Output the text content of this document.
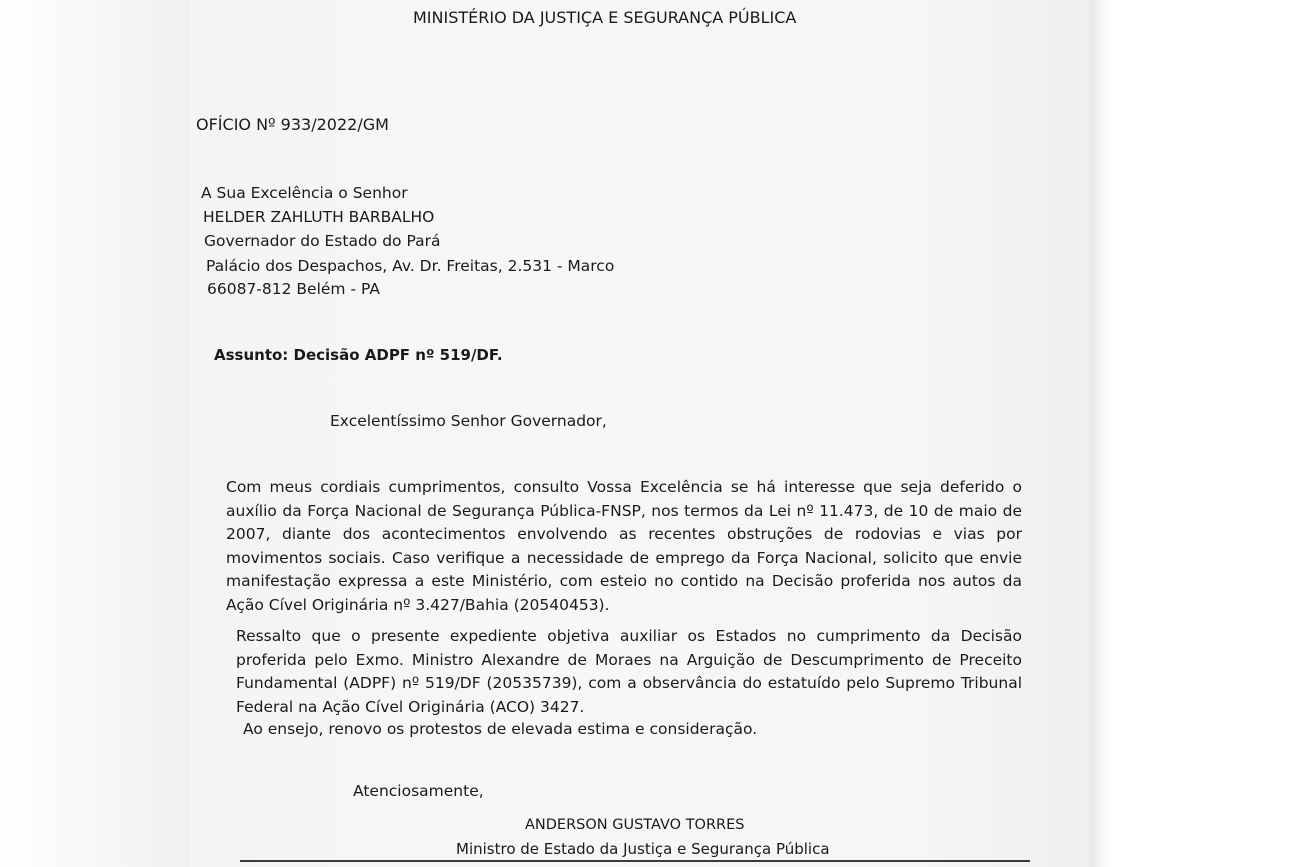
MINISTÉRIO DA JUSTIÇA E SEGURANÇA PÚBLICA
OFÍCIO Nº 933/2022/GM
A Sua Excelência o Senhor
HELDER ZAHLUTH BARBALHO
Governador do Estado do Pará
Palácio dos Despachos, Av. Dr. Freitas, 2.531 - Marco
66087-812 Belém - PA
Assunto: Decisão ADPF nº 519/DF.
Excelentíssimo Senhor Governador,
Com meus cordiais cumprimentos, consulto Vossa Excelência se há interesse que seja deferido o auxílio da Força Nacional de Segurança Pública-FNSP, nos termos da Lei nº 11.473, de 10 de maio de 2007, diante dos acontecimentos envolvendo as recentes obstruções de rodovias e vias por movimentos sociais. Caso verifique a necessidade de emprego da Força Nacional, solicito que envie manifestação expressa a este Ministério, com esteio no contido na Decisão proferida nos autos da Ação Cível Originária nº 3.427/Bahia (20540453).
Ressalto que o presente expediente objetiva auxiliar os Estados no cumprimento da Decisão proferida pelo Exmo. Ministro Alexandre de Moraes na Arguição de Descumprimento de Preceito Fundamental (ADPF) nº 519/DF (20535739), com a observância do estatuído pelo Supremo Tribunal Federal na Ação Cível Originária (ACO) 3427.
Ao ensejo, renovo os protestos de elevada estima e consideração.
Atenciosamente,
ANDERSON GUSTAVO TORRES
Ministro de Estado da Justiça e Segurança Pública
